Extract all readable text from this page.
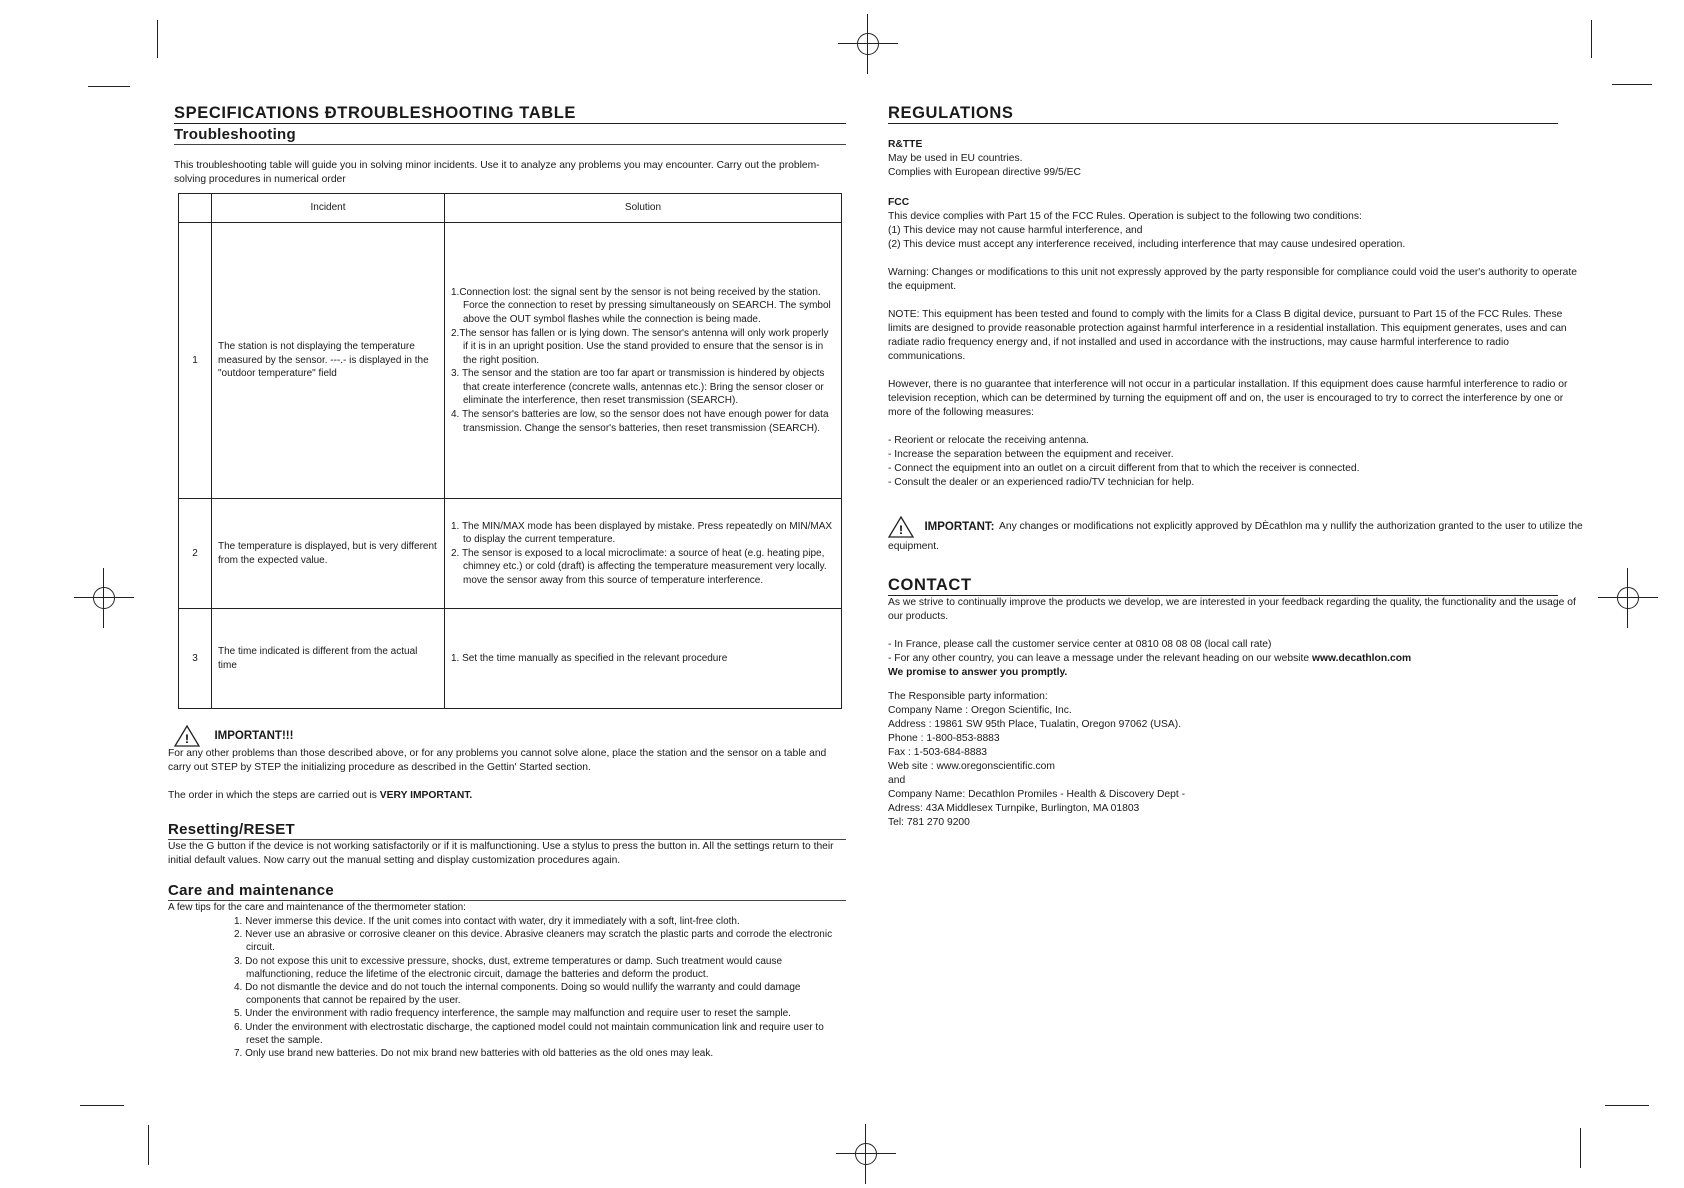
SPECIFICATIONS ÐTROUBLESHOOTING TABLE
Troubleshooting

This troubleshooting table will guide you in solving minor incidents. Use it to analyze any problems you may encounter. Carry out the problem-solving procedures in numerical order

	Incident	Solution
1	The station is not displaying the temperature measured by the sensor. ---.- is displayed in the "outdoor temperature" field	1.Connection lost: the signal sent by the sensor is not being received by the station. Force the connection to reset by pressing simultaneously on SEARCH. The symbol above the OUT symbol flashes while the connection is being made.
2.The sensor has fallen or is lying down. The sensor's antenna will only work properly if it is in an upright position. Use the stand provided to ensure that the sensor is in the right position.
3. The sensor and the station are too far apart or transmission is hindered by objects that create interference (concrete walls, antennas etc.): Bring the sensor closer or eliminate the interference, then reset transmission (SEARCH).
4. The sensor's batteries are low, so the sensor does not have enough power for data transmission. Change the sensor's batteries, then reset transmission (SEARCH).

2	The temperature is displayed, but is very different from the expected value.	1. The MIN/MAX mode has been displayed by mistake. Press repeatedly on MIN/MAX to display the current temperature.
2. The sensor is exposed to a local microclimate: a source of heat (e.g. heating pipe, chimney etc.) or cold (draft) is affecting the temperature measurement very locally. move the sensor away from this source of temperature interference.

3	The time indicated is different from the actual time	1. Set the time manually as specified in the relevant procedure
! IMPORTANT!!!

For any other problems than those described above, or for any problems you cannot solve alone, place the station and the sensor on a table and carry out STEP by STEP the initializing procedure as described in the Gettin' Started section.

The order in which the steps are carried out is VERY IMPORTANT.

Resetting/RESET

Use the G button if the device is not working satisfactorily or if it is malfunctioning. Use a stylus to press the button in. All the settings return to their initial default values. Now carry out the manual setting and display customization procedures again.

Care and maintenance

A few tips for the care and maintenance of the thermometer station:

1. Never immerse this device. If the unit comes into contact with water, dry it immediately with a soft, lint-free cloth.
2. Never use an abrasive or corrosive cleaner on this device. Abrasive cleaners may scratch the plastic parts and corrode the electronic circuit.
3. Do not expose this unit to excessive pressure, shocks, dust, extreme temperatures or damp. Such treatment would cause malfunctioning, reduce the lifetime of the electronic circuit, damage the batteries and deform the product.
4. Do not dismantle the device and do not touch the internal components. Doing so would nullify the warranty and could damage components that cannot be repaired by the user.
5. Under the environment with radio frequency interference, the sample may malfunction and require user to reset the sample.
6. Under the environment with electrostatic discharge, the captioned model could not maintain communication link and require user to reset the sample.
7. Only use brand new batteries. Do not mix brand new batteries with old batteries as the old ones may leak.
REGULATIONS

R&TTE

May be used in EU countries.

Complies with European directive 99/5/EC

FCC

This device complies with Part 15 of the FCC Rules. Operation is subject to the following two conditions:

(1) This device may not cause harmful interference, and

(2) This device must accept any interference received, including interference that may cause undesired operation.

Warning: Changes or modifications to this unit not expressly approved by the party responsible for compliance could void the user's authority to operate the equipment.

NOTE: This equipment has been tested and found to comply with the limits for a Class B digital device, pursuant to Part 15 of the FCC Rules. These limits are designed to provide reasonable protection against harmful interference in a residential installation. This equipment generates, uses and can radiate radio frequency energy and, if not installed and used in accordance with the instructions, may cause harmful interference to radio communications.

However, there is no guarantee that interference will not occur in a particular installation. If this equipment does cause harmful interference to radio or television reception, which can be determined by turning the equipment off and on, the user is encouraged to try to correct the interference by one or more of the following measures:

- Reorient or relocate the receiving antenna.

- Increase the separation between the equipment and receiver.

- Connect the equipment into an outlet on a circuit different from that to which the receiver is connected.

- Consult the dealer or an experienced radio/TV technician for help.

! IMPORTANT: Any changes or modifications not explicitly approved by DÈcathlon ma y nullify the authorization granted to the user to utilize the equipment.
CONTACT

As we strive to continually improve the products we develop, we are interested in your feedback regarding the quality, the functionality and the usage of our products.

- In France, please call the customer service center at 0810 08 08 08 (local call rate)

- For any other country, you can leave a message under the relevant heading on our website www.decathlon.com

We promise to answer you promptly.

The Responsible party information:

Company Name : Oregon Scientific, Inc.

Address : 19861 SW 95th Place, Tualatin, Oregon 97062 (USA).

Phone : 1-800-853-8883

Fax : 1-503-684-8883

Web site : www.oregonscientific.com

and

Company Name: Decathlon Promiles - Health & Discovery Dept -

Adress: 43A Middlesex Turnpike, Burlington, MA 01803

Tel: 781 270 9200
